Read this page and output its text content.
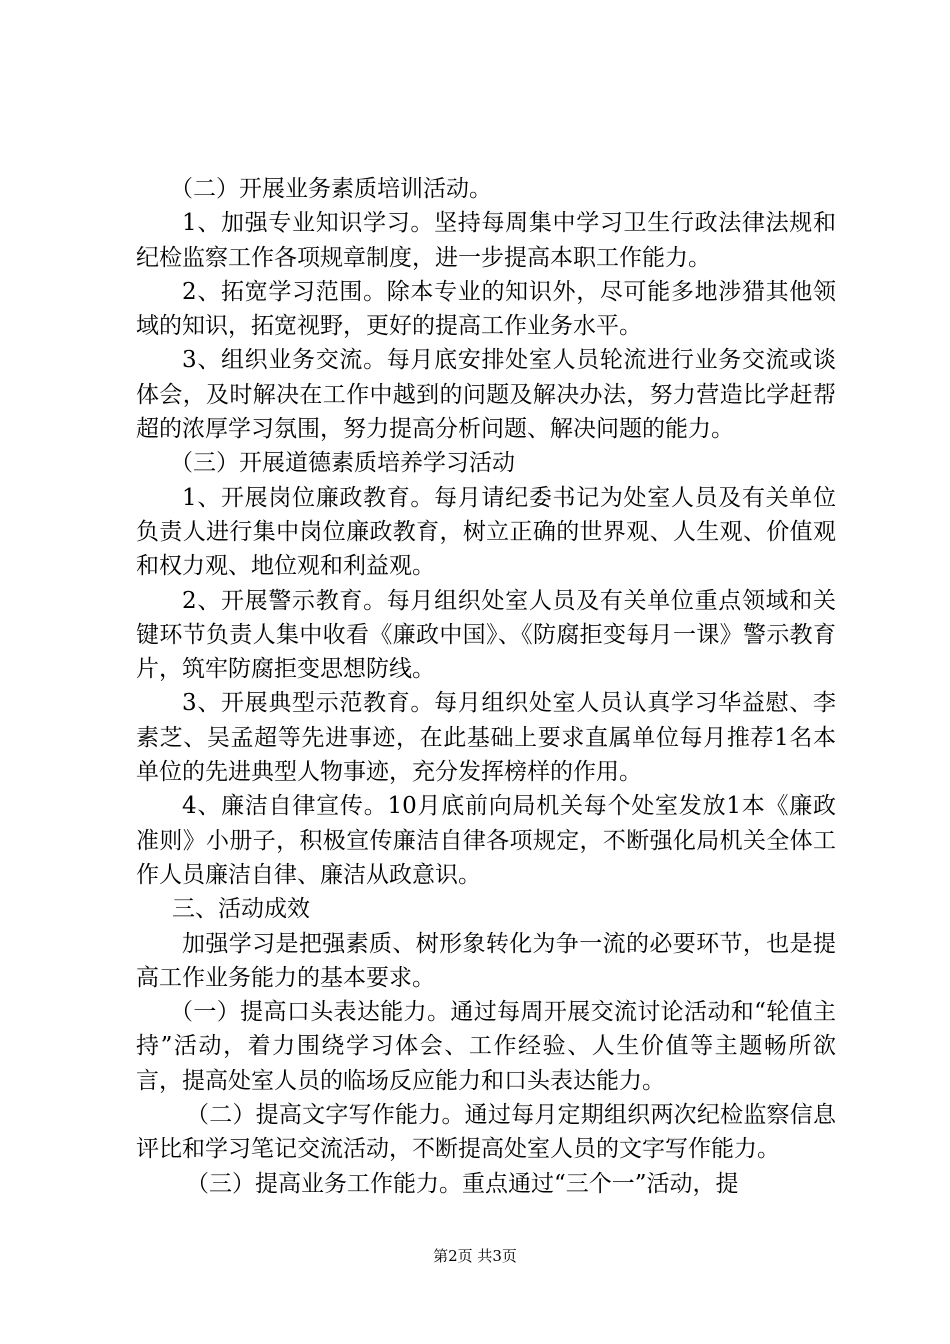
（二）开展业务素质培训活动。

1、加强专业知识学习。坚持每周集中学习卫生行政法律法规和纪检监察工作各项规章制度，进一步提高本职工作能力。

2、拓宽学习范围。除本专业的知识外，尽可能多地涉猎其他领域的知识，拓宽视野，更好的提高工作业务水平。

3、组织业务交流。每月底安排处室人员轮流进行业务交流或谈体会，及时解决在工作中越到的问题及解决办法，努力营造比学赶帮超的浓厚学习氛围，努力提高分析问题、解决问题的能力。

（三）开展道德素质培养学习活动

1、开展岗位廉政教育。每月请纪委书记为处室人员及有关单位负责人进行集中岗位廉政教育，树立正确的世界观、人生观、价值观和权力观、地位观和利益观。

2、开展警示教育。每月组织处室人员及有关单位重点领域和关键环节负责人集中收看《廉政中国》、《防腐拒变每月一课》警示教育片，筑牢防腐拒变思想防线。

3、开展典型示范教育。每月组织处室人员认真学习华益慰、李素芝、吴孟超等先进事迹，在此基础上要求直属单位每月推荐1名本单位的先进典型人物事迹，充分发挥榜样的作用。

4、廉洁自律宣传。10月底前向局机关每个处室发放1本《廉政准则》小册子，积极宣传廉洁自律各项规定，不断强化局机关全体工作人员廉洁自律、廉洁从政意识。

三、活动成效

加强学习是把强素质、树形象转化为争一流的必要环节，也是提高工作业务能力的基本要求。

（一）提高口头表达能力。通过每周开展交流讨论活动和“轮值主持”活动，着力围绕学习体会、工作经验、人生价值等主题畅所欲言，提高处室人员的临场反应能力和口头表达能力。

（二）提高文字写作能力。通过每月定期组织两次纪检监察信息评比和学习笔记交流活动，不断提高处室人员的文字写作能力。

（三）提高业务工作能力。重点通过“三个一”活动，提

第2页 共3页
